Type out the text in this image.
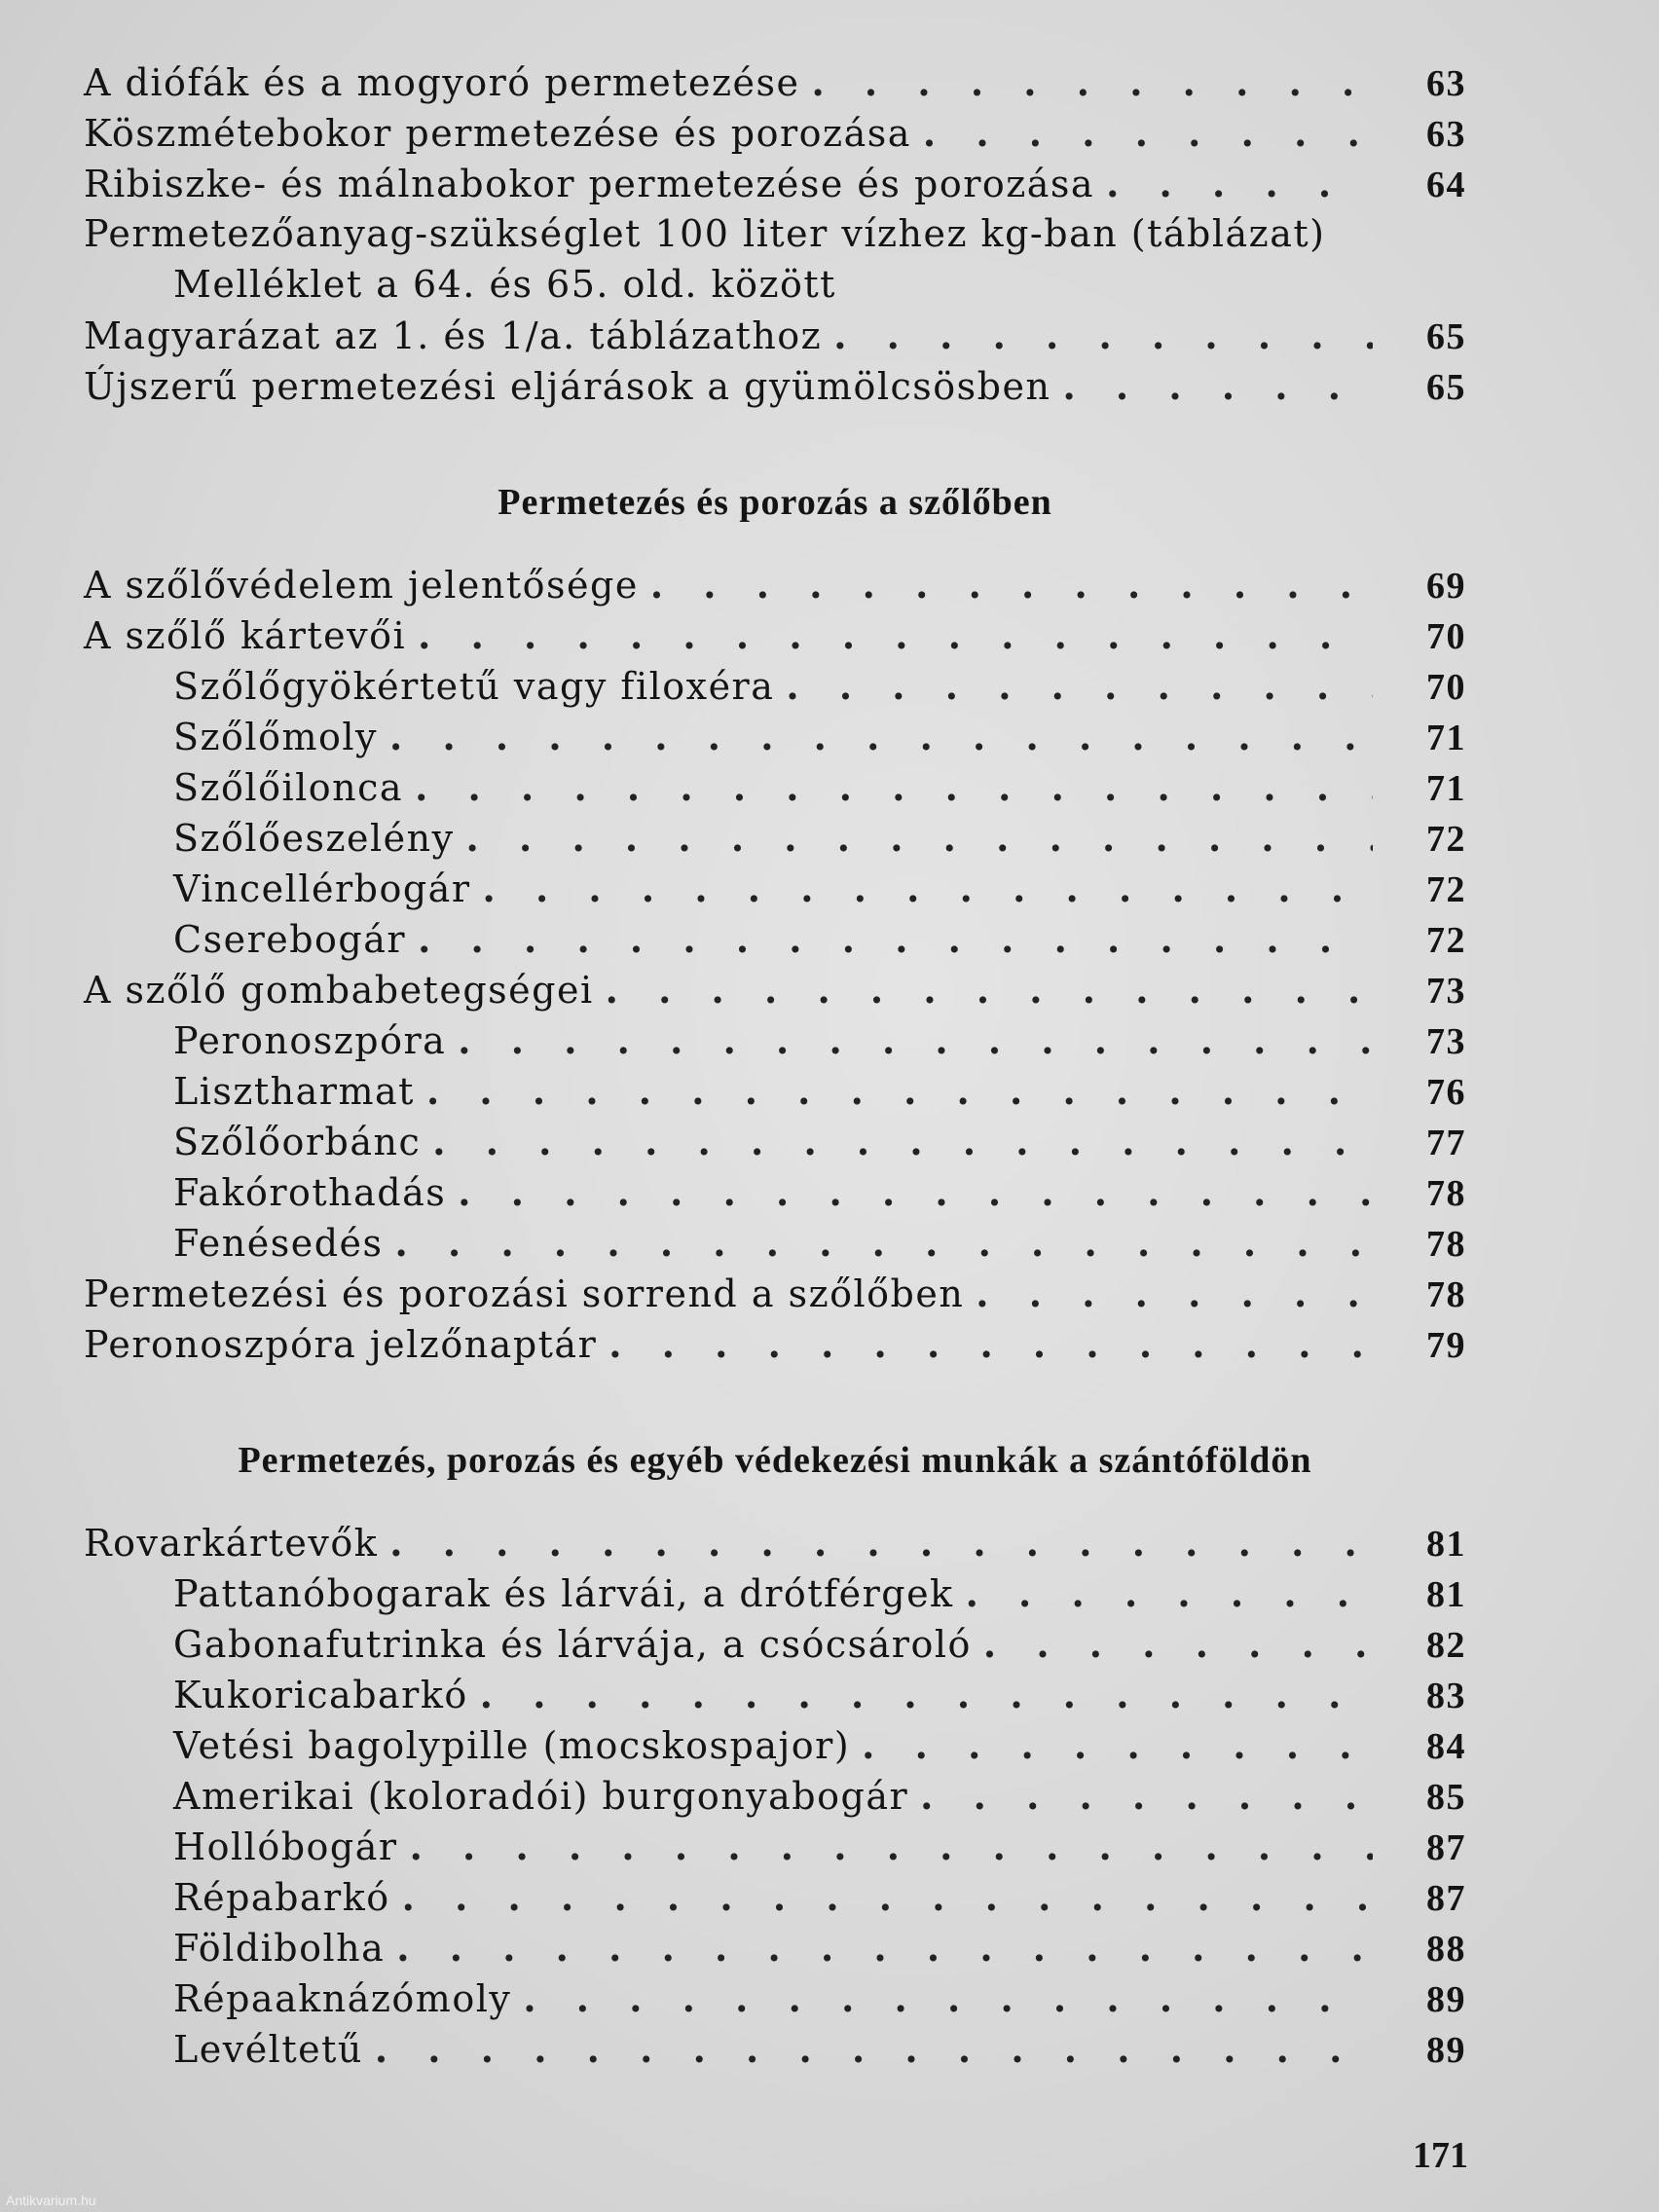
A diófák és a mogyoró permetezése . . .	63
Köszmétebokor permetezése és porozása . . .	63
Ribiszke- és málnabokor permetezése és porozása . . .	64
Permetezőanyag-szükséglet 100 liter vízhez kg-ban (táblázat)
Melléklet a 64. és 65. old. között
Magyarázat az 1. és 1/a. táblázathoz . . .	65
Újszerű permetezési eljárások a gyümölcsösben . . .	65
Permetezés és porozás a szőlőben
A szőlővédelem jelentősége . . .	69
A szőlő kártevői . . .	70
Szőlőgyökértetű vagy filoxéra . . .	70
Szőlőmoly . . .	71
Szőlőilonca . . .	71
Szőlőeszelény . . .	72
Vincellérbogár . . .	72
Cserebogár . . .	72
A szőlő gombabetegségei . . .	73
Peronoszpóra . . .	73
Lisztharmat . . .	76
Szőlőorbánc . . .	77
Fakórothadás . . .	78
Fenésedés . . .	78
Permetezési és porozási sorrend a szőlőben . . .	78
Peronoszpóra jelzőnaptár . . .	79
Permetezés, porozás és egyéb védekezési munkák a szántóföldön
Rovarkártevők . . .	81
Pattanóbogarak és lárvái, a drótférgek . . .	81
Gabonafutrinka és lárvája, a csócsároló . . .	82
Kukoricabarkó . . .	83
Vetési bagolypille (mocskospajor) . . .	84
Amerikai (koloradói) burgonyabogár . . .	85
Hollóbogár . . .	87
Répabarkó . . .	87
Földibolha . . .	88
Répaaknázómoly . . .	89
Levéltetű . . .	89
171
Antikvarium.hu
